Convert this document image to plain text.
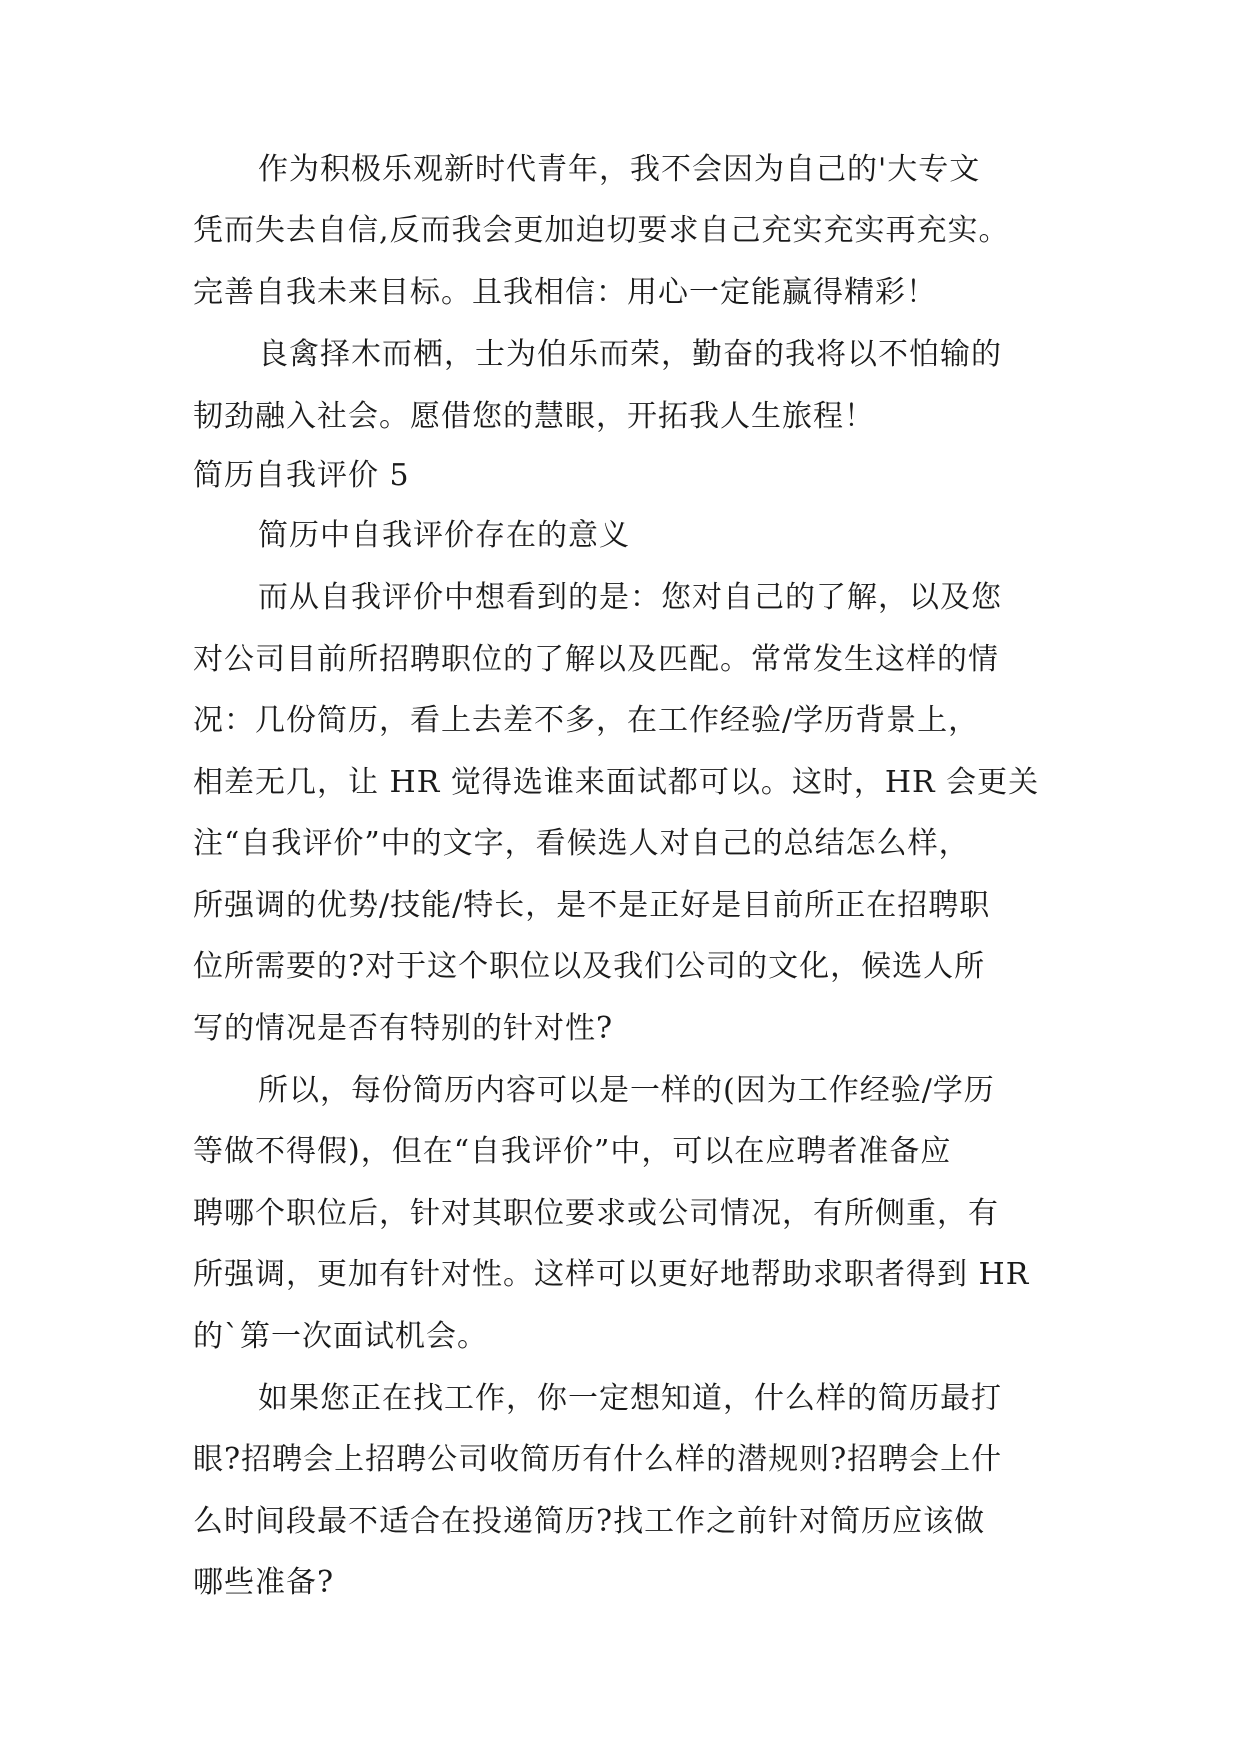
作为积极乐观新时代青年，我不会因为自己的'大专文
凭而失去自信,反而我会更加迫切要求自己充实充实再充实。
完善自我未来目标。且我相信：用心一定能赢得精彩！
良禽择木而栖，士为伯乐而荣，勤奋的我将以不怕输的
韧劲融入社会。愿借您的慧眼，开拓我人生旅程！
简历自我评价 5
简历中自我评价存在的意义
而从自我评价中想看到的是：您对自己的了解，以及您
对公司目前所招聘职位的了解以及匹配。常常发生这样的情
况：几份简历，看上去差不多，在工作经验/学历背景上，
相差无几，让 HR 觉得选谁来面试都可以。这时，HR 会更关
注“自我评价”中的文字，看候选人对自己的总结怎么样，
所强调的优势/技能/特长，是不是正好是目前所正在招聘职
位所需要的?对于这个职位以及我们公司的文化，候选人所
写的情况是否有特别的针对性?
所以，每份简历内容可以是一样的(因为工作经验/学历
等做不得假)，但在“自我评价”中，可以在应聘者准备应
聘哪个职位后，针对其职位要求或公司情况，有所侧重，有
所强调，更加有针对性。这样可以更好地帮助求职者得到 HR
的`第一次面试机会。
如果您正在找工作，你一定想知道，什么样的简历最打
眼?招聘会上招聘公司收简历有什么样的潜规则?招聘会上什
么时间段最不适合在投递简历?找工作之前针对简历应该做
哪些准备?
